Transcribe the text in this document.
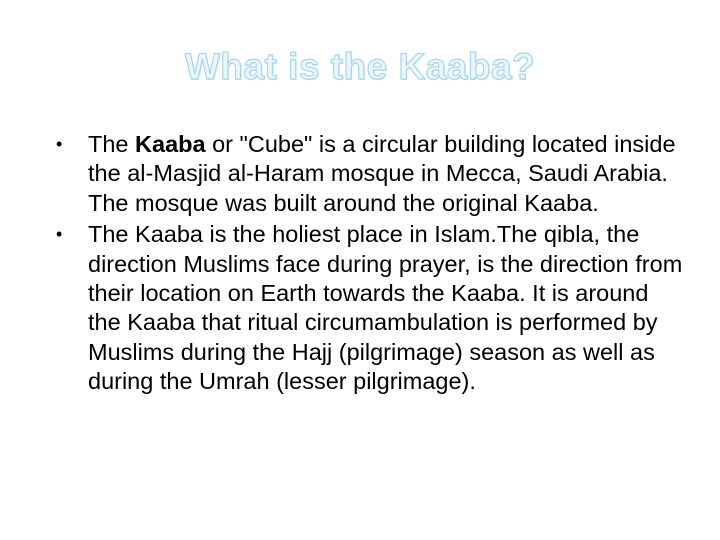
What is the Kaaba?
• The Kaaba or "Cube" is a circular building located inside the al-Masjid al-Haram mosque in Mecca, Saudi Arabia. The mosque was built around the original Kaaba.
• The Kaaba is the holiest place in Islam.The qibla, the direction Muslims face during prayer, is the direction from their location on Earth towards the Kaaba. It is around the Kaaba that ritual circumambulation is performed by Muslims during the Hajj (pilgrimage) season as well as during the Umrah (lesser pilgrimage).
